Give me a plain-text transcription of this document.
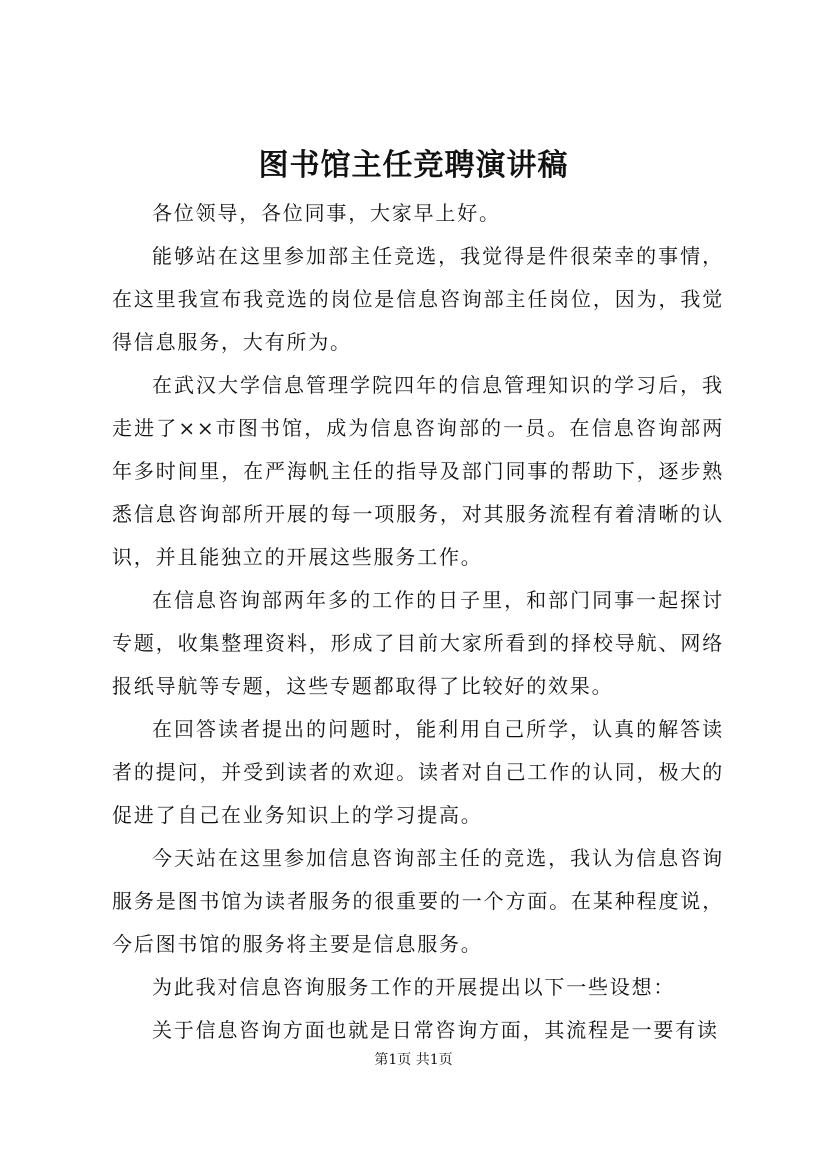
图书馆主任竞聘演讲稿

各位领导，各位同事，大家早上好。

能够站在这里参加部主任竞选，我觉得是件很荣幸的事情，在这里我宣布我竞选的岗位是信息咨询部主任岗位，因为，我觉得信息服务，大有所为。

在武汉大学信息管理学院四年的信息管理知识的学习后，我走进了××市图书馆，成为信息咨询部的一员。在信息咨询部两年多时间里，在严海帆主任的指导及部门同事的帮助下，逐步熟悉信息咨询部所开展的每一项服务，对其服务流程有着清晰的认识，并且能独立的开展这些服务工作。

在信息咨询部两年多的工作的日子里，和部门同事一起探讨专题，收集整理资料，形成了目前大家所看到的择校导航、网络报纸导航等专题，这些专题都取得了比较好的效果。

在回答读者提出的问题时，能利用自己所学，认真的解答读者的提问，并受到读者的欢迎。读者对自己工作的认同，极大的促进了自己在业务知识上的学习提高。

今天站在这里参加信息咨询部主任的竞选，我认为信息咨询服务是图书馆为读者服务的很重要的一个方面。在某种程度说，今后图书馆的服务将主要是信息服务。

为此我对信息咨询服务工作的开展提出以下一些设想：

关于信息咨询方面也就是日常咨询方面，其流程是一要有读

第1页 共1页
